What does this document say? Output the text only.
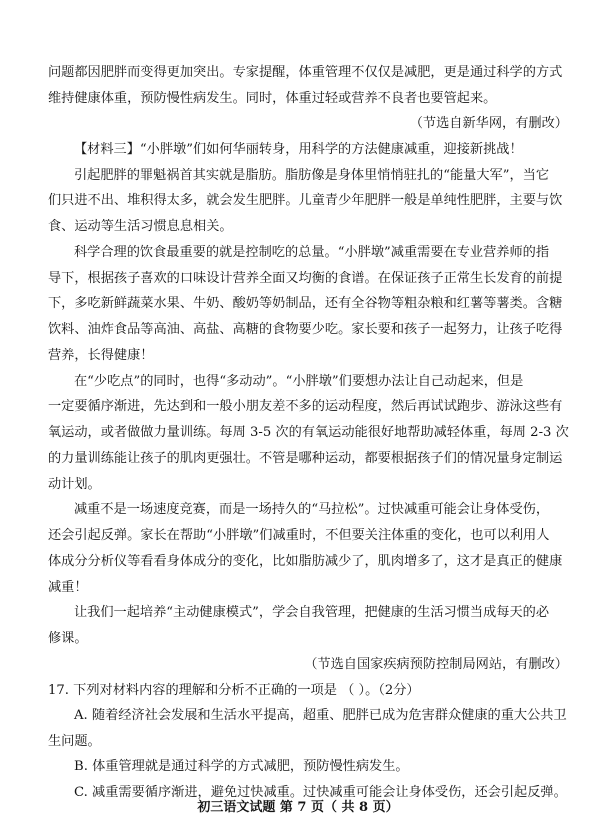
问题都因肥胖而变得更加突出。专家提醒，体重管理不仅仅是减肥，更是通过科学的方式
维持健康体重，预防慢性病发生。同时，体重过轻或营养不良者也要管起来。
（节选自新华网，有删改）
【材料三】“小胖墩”们如何华丽转身，用科学的方法健康减重，迎接新挑战！
引起肥胖的罪魁祸首其实就是脂肪。脂肪像是身体里悄悄驻扎的“能量大军”，当它
们只进不出、堆积得太多，就会发生肥胖。儿童青少年肥胖一般是单纯性肥胖，主要与饮
食、运动等生活习惯息息相关。
科学合理的饮食最重要的就是控制吃的总量。“小胖墩”减重需要在专业营养师的指
导下，根据孩子喜欢的口味设计营养全面又均衡的食谱。在保证孩子正常生长发育的前提
下，多吃新鲜蔬菜水果、牛奶、酸奶等奶制品，还有全谷物等粗杂粮和红薯等薯类。含糖
饮料、油炸食品等高油、高盐、高糖的食物要少吃。家长要和孩子一起努力，让孩子吃得
营养，长得健康！
在“少吃点”的同时，也得“多动动”。“小胖墩”们要想办法让自己动起来，但是
一定要循序渐进，先达到和一般小朋友差不多的运动程度，然后再试试跑步、游泳这些有
氧运动，或者做做力量训练。每周 3-5 次的有氧运动能很好地帮助减轻体重，每周 2-3 次
的力量训练能让孩子的肌肉更强壮。不管是哪种运动，都要根据孩子们的情况量身定制运
动计划。
减重不是一场速度竞赛，而是一场持久的“马拉松”。过快减重可能会让身体受伤，
还会引起反弹。家长在帮助“小胖墩”们减重时，不但要关注体重的变化，也可以利用人
体成分分析仪等看看身体成分的变化，比如脂肪减少了，肌肉增多了，这才是真正的健康
减重！
让我们一起培养“主动健康模式”，学会自我管理，把健康的生活习惯当成每天的必
修课。
（节选自国家疾病预防控制局网站，有删改）
17. 下列对材料内容的理解和分析不正确的一项是 （ ）。（2分）
A. 随着经济社会发展和生活水平提高，超重、肥胖已成为危害群众健康的重大公共卫
生问题。
B. 体重管理就是通过科学的方式减肥，预防慢性病发生。
C. 减重需要循序渐进，避免过快减重。过快减重可能会让身体受伤，还会引起反弹。
初三语文试题 第 7 页（ 共 8 页）
